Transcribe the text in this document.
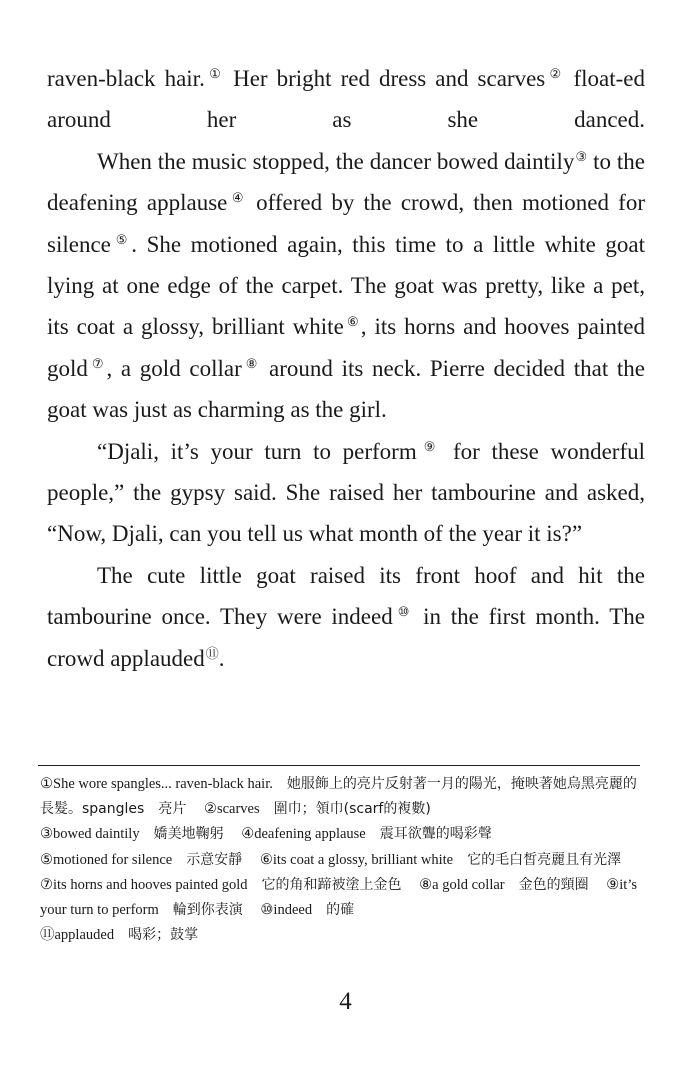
raven-black hair.① Her bright red dress and scarves② float-ed around her as she danced.

When the music stopped, the dancer bowed daintily③ to the deafening applause④ offered by the crowd, then motioned for silence⑤. She motioned again, this time to a little white goat lying at one edge of the carpet. The goat was pretty, like a pet, its coat a glossy, brilliant white⑥, its horns and hooves painted gold⑦, a gold collar⑧ around its neck. Pierre decided that the goat was just as charming as the girl.

“Djali, it’s your turn to perform⑨ for these wonderful people,” the gypsy said. She raised her tambourine and asked, “Now, Djali, can you tell us what month of the year it is?”

The cute little goat raised its front hoof and hit the tambourine once. They were indeed⑩ in the first month. The crowd applauded⑪.

①She wore spangles... raven-black hair. 她服飾上的亮片反射著一月的陽光，掩映著她烏黑亮麗的長髮。spangles 亮片 ②scarves 圍巾；領巾(scarf的複數)
③bowed daintily 嬌美地鞠躬 ④deafening applause 震耳欲聾的喝彩聲
⑤motioned for silence 示意安靜 ⑥its coat a glossy, brilliant white 它的毛白皙亮麗且有光澤 ⑦its horns and hooves painted gold 它的角和蹄被塗上金色 ⑧a gold collar 金色的頸圈 ⑨it’s your turn to perform 輪到你表演 ⑩indeed 的確
⑪applauded 喝彩；鼓掌
4
